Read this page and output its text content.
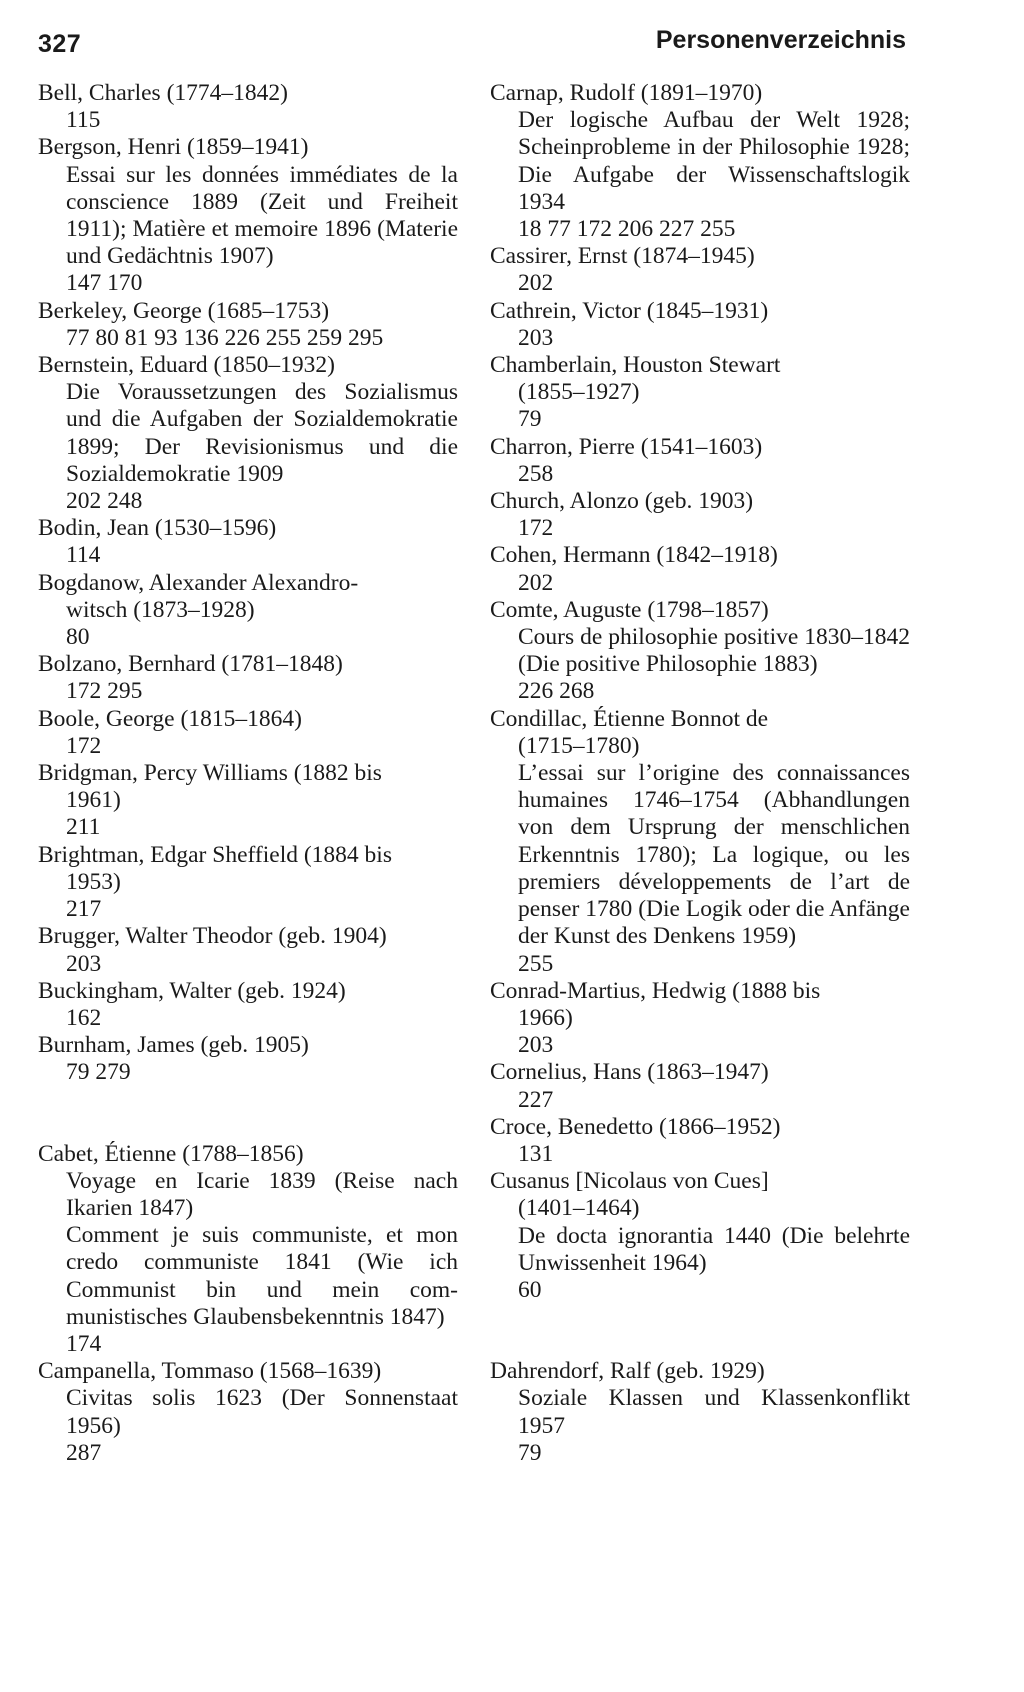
327	Personenverzeichnis
Bell, Charles (1774–1842)
115
Bergson, Henri (1859–1941)
Essai sur les données immédiates de la conscience 1889 (Zeit und Freiheit 1911); Matière et memoire 1896 (Materie und Gedächtnis 1907)
147 170
Berkeley, George (1685–1753)
77 80 81 93 136 226 255 259 295
Bernstein, Eduard (1850–1932)
Die Voraussetzungen des Sozialismus und die Aufgaben der Sozialdemokratie 1899; Der Revisionismus und die Sozialdemokratie 1909
202 248
Bodin, Jean (1530–1596)
114
Bogdanow, Alexander Alexandro-
witsch (1873–1928)
80
Bolzano, Bernhard (1781–1848)
172 295
Boole, George (1815–1864)
172
Bridgman, Percy Williams (1882 bis
1961)
211
Brightman, Edgar Sheffield (1884 bis
1953)
217
Brugger, Walter Theodor (geb. 1904)
203
Buckingham, Walter (geb. 1924)
162
Burnham, James (geb. 1905)
79 279
Cabet, Étienne (1788–1856)
Voyage en Icarie 1839 (Reise nach Ikarien 1847)
Comment je suis communiste, et mon credo communiste 1841 (Wie ich Communist bin und mein communistisches Glaubensbekenntnis 1847)
174
Campanella, Tommaso (1568–1639)
Civitas solis 1623 (Der Sonnenstaat 1956)
287
Carnap, Rudolf (1891–1970)
Der logische Aufbau der Welt 1928; Scheinprobleme in der Philosophie 1928; Die Aufgabe der Wissenschaftslogik 1934
18 77 172 206 227 255
Cassirer, Ernst (1874–1945)
202
Cathrein, Victor (1845–1931)
203
Chamberlain, Houston Stewart
(1855–1927)
79
Charron, Pierre (1541–1603)
258
Church, Alonzo (geb. 1903)
172
Cohen, Hermann (1842–1918)
202
Comte, Auguste (1798–1857)
Cours de philosophie positive 1830–1842 (Die positive Philosophie 1883)
226 268
Condillac, Étienne Bonnot de
(1715–1780)
L’essai sur l’origine des connaissances humaines 1746–1754 (Abhandlungen von dem Ursprung der menschlichen Erkenntnis 1780); La logique, ou les premiers développements de l’art de penser 1780 (Die Logik oder die Anfänge der Kunst des Denkens 1959)
255
Conrad-Martius, Hedwig (1888 bis
1966)
203
Cornelius, Hans (1863–1947)
227
Croce, Benedetto (1866–1952)
131
Cusanus [Nicolaus von Cues]
(1401–1464)
De docta ignorantia 1440 (Die belehrte Unwissenheit 1964)
60
Dahrendorf, Ralf (geb. 1929)
Soziale Klassen und Klassenkonflikt 1957
79
